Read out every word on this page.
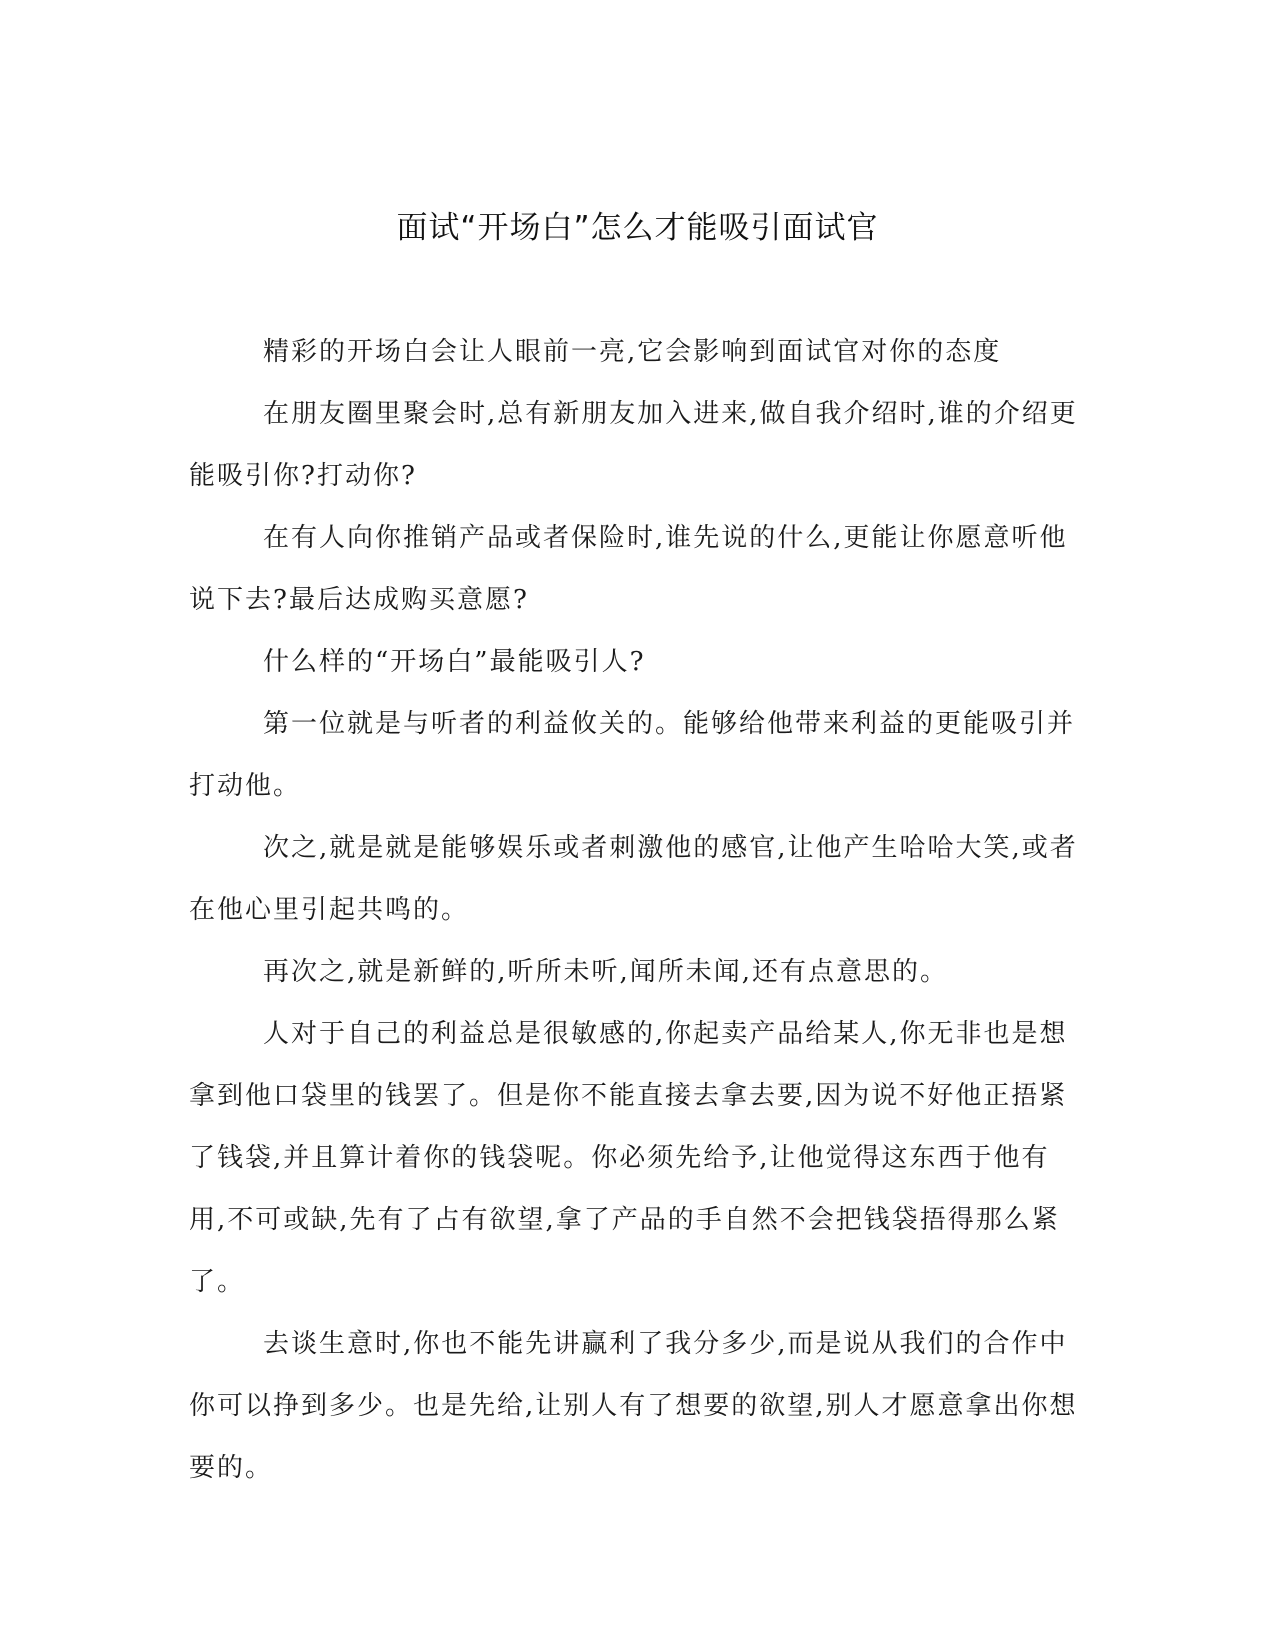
面试“开场白”怎么才能吸引面试官

精彩的开场白会让人眼前一亮,它会影响到面试官对你的态度

在朋友圈里聚会时,总有新朋友加入进来,做自我介绍时,谁的介绍更能吸引你?打动你?

在有人向你推销产品或者保险时,谁先说的什么,更能让你愿意听他说下去?最后达成购买意愿?

什么样的“开场白”最能吸引人?

第一位就是与听者的利益攸关的。能够给他带来利益的更能吸引并打动他。

次之,就是就是能够娱乐或者刺激他的感官,让他产生哈哈大笑,或者在他心里引起共鸣的。

再次之,就是新鲜的,听所未听,闻所未闻,还有点意思的。

人对于自己的利益总是很敏感的,你起卖产品给某人,你无非也是想拿到他口袋里的钱罢了。但是你不能直接去拿去要,因为说不好他正捂紧了钱袋,并且算计着你的钱袋呢。你必须先给予,让他觉得这东西于他有用,不可或缺,先有了占有欲望,拿了产品的手自然不会把钱袋捂得那么紧了。

去谈生意时,你也不能先讲赢利了我分多少,而是说从我们的合作中你可以挣到多少。也是先给,让别人有了想要的欲望,别人才愿意拿出你想要的。
